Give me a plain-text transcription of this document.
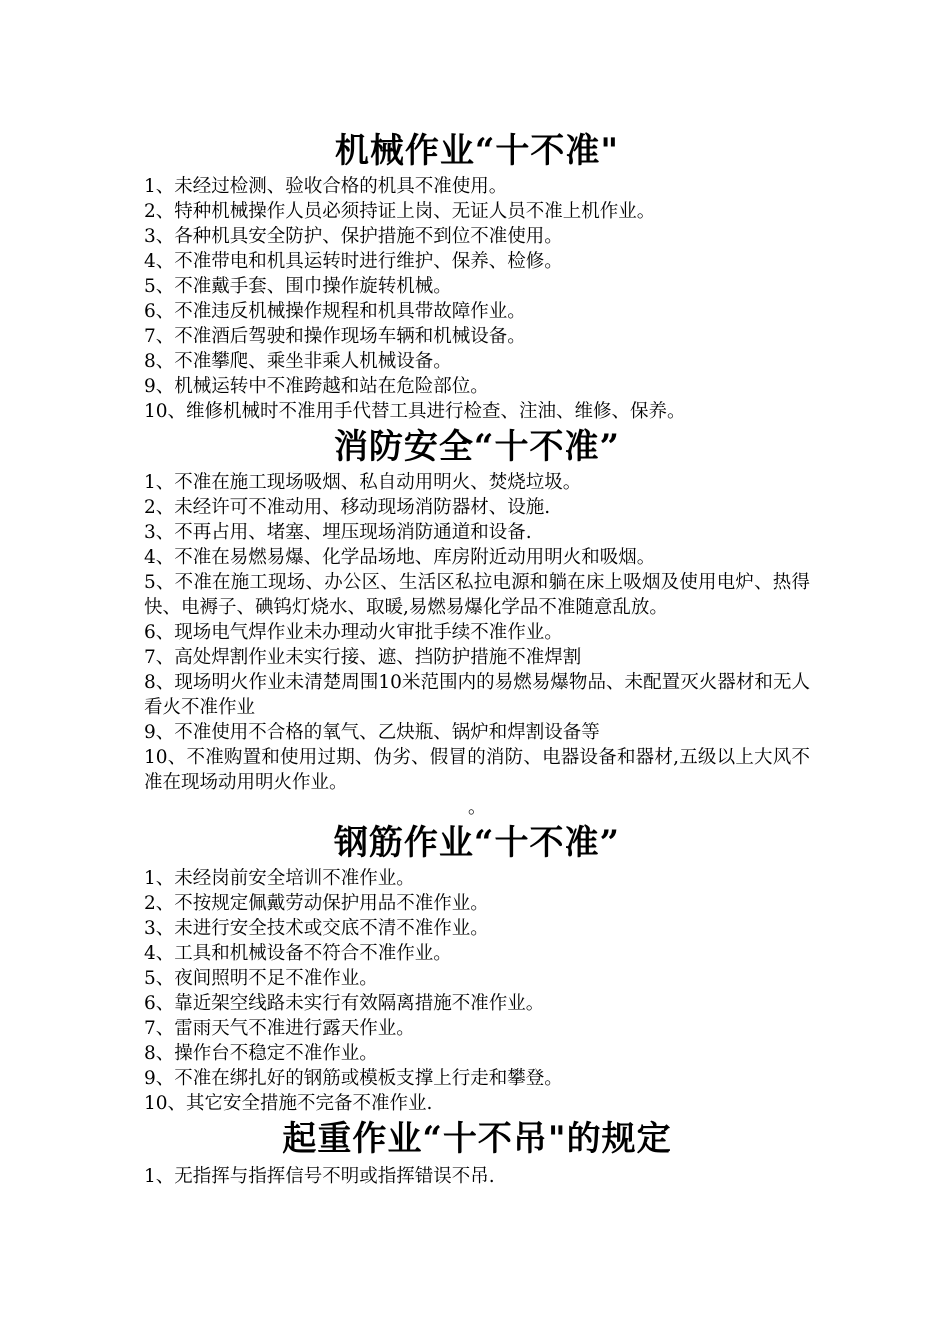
机械作业“十不准"
1、未经过检测、验收合格的机具不准使用。
2、特种机械操作人员必须持证上岗、无证人员不准上机作业。
3、各种机具安全防护、保护措施不到位不准使用。
4、不准带电和机具运转时进行维护、保养、检修。
5、不准戴手套、围巾操作旋转机械。
6、不准违反机械操作规程和机具带故障作业。
7、不准酒后驾驶和操作现场车辆和机械设备。
8、不准攀爬、乘坐非乘人机械设备。
9、机械运转中不准跨越和站在危险部位。
10、维修机械时不准用手代替工具进行检查、注油、维修、保养。
消防安全“十不准”
1、不准在施工现场吸烟、私自动用明火、焚烧垃圾。
2、未经许可不准动用、移动现场消防器材、设施.
3、不再占用、堵塞、埋压现场消防通道和设备.
4、不准在易燃易爆、化学品场地、库房附近动用明火和吸烟。
5、不准在施工现场、办公区、生活区私拉电源和躺在床上吸烟及使用电炉、热得快、电褥子、碘钨灯烧水、取暖,易燃易爆化学品不准随意乱放。
6、现场电气焊作业未办理动火审批手续不准作业。
7、高处焊割作业未实行接、遮、挡防护措施不准焊割
8、现场明火作业未清楚周围10米范围内的易燃易爆物品、未配置灭火器材和无人看火不准作业
9、不准使用不合格的氧气、乙炔瓶、锅炉和焊割设备等
10、不准购置和使用过期、伪劣、假冒的消防、电器设备和器材,五级以上大风不准在现场动用明火作业。

。

钢筋作业“十不准”
1、未经岗前安全培训不准作业。
2、不按规定佩戴劳动保护用品不准作业。
3、未进行安全技术或交底不清不准作业。
4、工具和机械设备不符合不准作业。
5、夜间照明不足不准作业。
6、靠近架空线路未实行有效隔离措施不准作业。
7、雷雨天气不准进行露天作业。
8、操作台不稳定不准作业。
9、不准在绑扎好的钢筋或模板支撑上行走和攀登。
10、其它安全措施不完备不准作业.
起重作业“十不吊"的规定
1、无指挥与指挥信号不明或指挥错误不吊.
